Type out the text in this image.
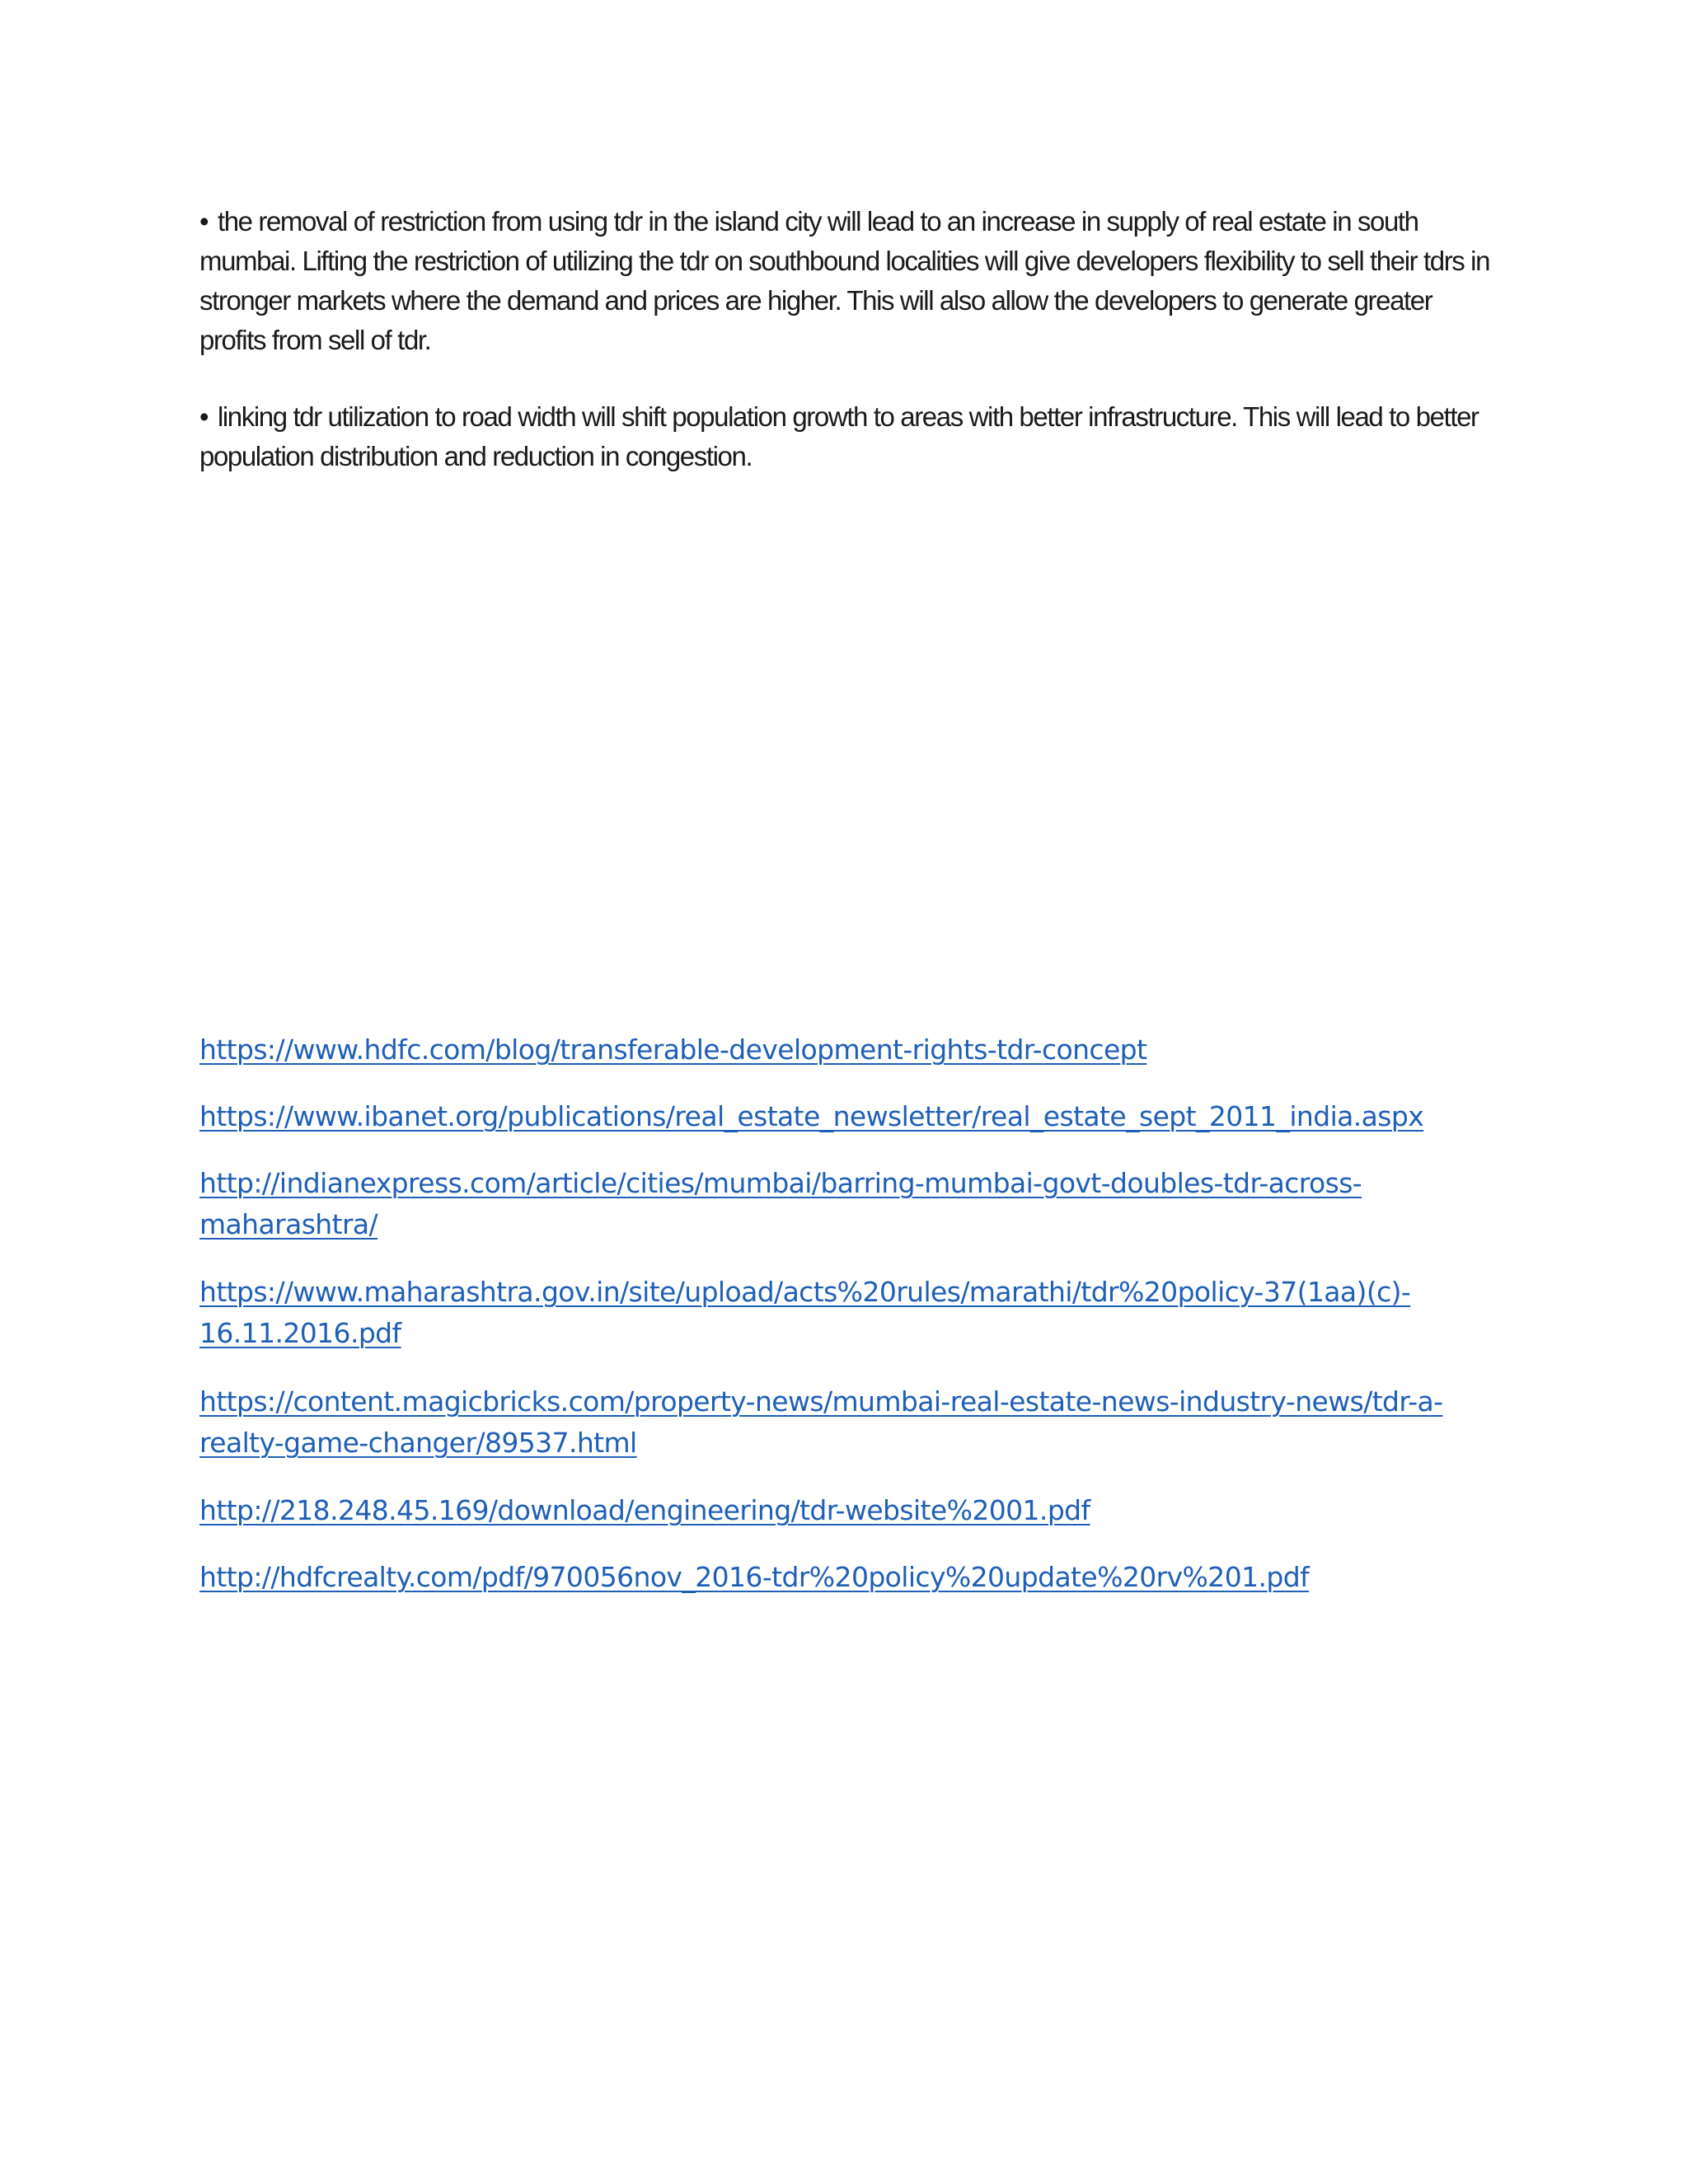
• the removal of restriction from using tdr in the island city will lead to an increase in supply of real estate in south mumbai. Lifting the restriction of utilizing the tdr on southbound localities will give developers flexibility to sell their tdrs in stronger markets where the demand and prices are higher. This will also allow the developers to generate greater profits from sell of tdr.

• linking tdr utilization to road width will shift population growth to areas with better infrastructure. This will lead to better population distribution and reduction in congestion.

https://www.hdfc.com/blog/transferable-development-rights-tdr-concept
https://www.ibanet.org/publications/real_estate_newsletter/real_estate_sept_2011_india.aspx
http://indianexpress.com/article/cities/mumbai/barring-mumbai-govt-doubles-tdr-across-
maharashtra/
https://www.maharashtra.gov.in/site/upload/acts%20rules/marathi/tdr%20policy-37(1aa)(c)-
16.11.2016.pdf
https://content.magicbricks.com/property-news/mumbai-real-estate-news-industry-news/tdr-a-
realty-game-changer/89537.html
http://218.248.45.169/download/engineering/tdr-website%2001.pdf
http://hdfcrealty.com/pdf/970056nov_2016-tdr%20policy%20update%20rv%201.pdf
